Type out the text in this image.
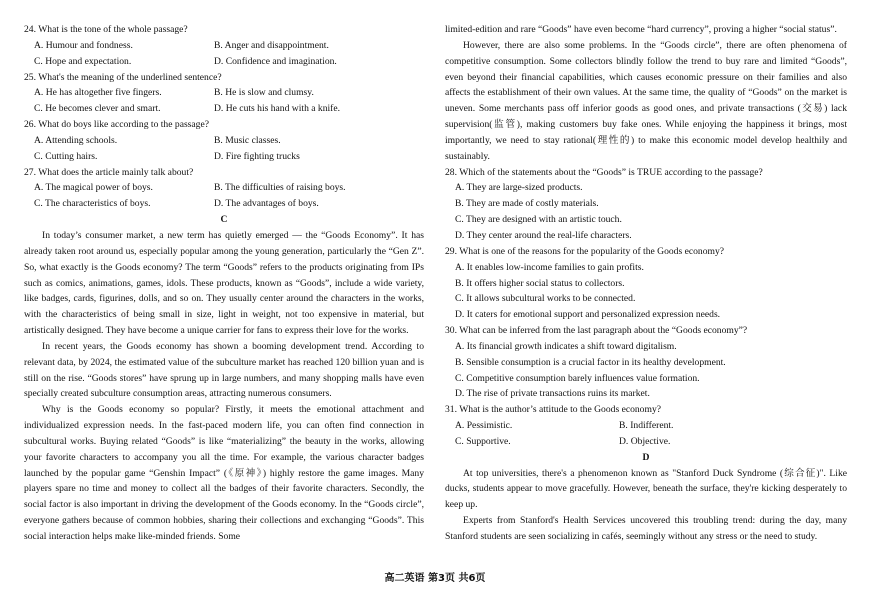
24. What is the tone of the whole passage?
A. Humour and fondness.	B. Anger and disappointment.
C. Hope and expectation.	D. Confidence and imagination.
25. What's the meaning of the underlined sentence?
A. He has altogether five fingers.	B. He is slow and clumsy.
C. He becomes clever and smart.	D. He cuts his hand with a knife.
26. What do boys like according to the passage?
A. Attending schools.	B. Music classes.
C. Cutting hairs.	D. Fire fighting trucks
27. What does the article mainly talk about?
A. The magical power of boys.	B. The difficulties of raising boys.
C. The characteristics of boys.	D. The advantages of boys.
C
In today’s consumer market, a new term has quietly emerged — the “Goods Economy”. It has already taken root around us, especially popular among the young generation, particularly the “Gen Z”. So, what exactly is the Goods economy? The term “Goods” refers to the products originating from IPs such as comics, animations, games, idols. These products, known as “Goods”, include a wide variety, like badges, cards, figurines, dolls, and so on. They usually center around the characters in the works, with the characteristics of being small in size, light in weight, not too expensive in material, but artistically designed. They have become a unique carrier for fans to express their love for the works.
In recent years, the Goods economy has shown a booming development trend. According to relevant data, by 2024, the estimated value of the subculture market has reached 120 billion yuan and is still on the rise. “Goods stores” have sprung up in large numbers, and many shopping malls have even specially created subculture consumption areas, attracting numerous consumers.
Why is the Goods economy so popular? Firstly, it meets the emotional attachment and individualized expression needs. In the fast-paced modern life, you can often find connection in subcultural works. Buying related “Goods” is like “materializing” the beauty in the works, allowing your favorite characters to accompany you all the time. For example, the various character badges launched by the popular game “Genshin Impact” (《原神》) highly restore the game images. Many players spare no time and money to collect all the badges of their favorite characters. Secondly, the social factor is also important in driving the development of the Goods economy. In the “Goods circle”, everyone gathers because of common hobbies, sharing their collections and exchanging “Goods”. This social interaction helps make like-minded friends. Some
limited-edition and rare “Goods” have even become “hard currency”, proving a higher “social status”.
However, there are also some problems. In the “Goods circle”, there are often phenomena of competitive consumption. Some collectors blindly follow the trend to buy rare and limited “Goods”, even beyond their financial capabilities, which causes economic pressure on their families and also affects the establishment of their own values. At the same time, the quality of “Goods” on the market is uneven. Some merchants pass off inferior goods as good ones, and private transactions (交易) lack supervision(监管), making customers buy fake ones. While enjoying the happiness it brings, most importantly, we need to stay rational(理性的) to make this economic model develop healthily and sustainably.
28. Which of the statements about the “Goods” is TRUE according to the passage?
A. They are large-sized products.
B. They are made of costly materials.
C. They are designed with an artistic touch.
D. They center around the real-life characters.
29. What is one of the reasons for the popularity of the Goods economy?
A. It enables low-income families to gain profits.
B. It offers higher social status to collectors.
C. It allows subcultural works to be connected.
D. It caters for emotional support and personalized expression needs.
30. What can be inferred from the last paragraph about the “Goods economy”?
A. Its financial growth indicates a shift toward digitalism.
B. Sensible consumption is a crucial factor in its healthy development.
C. Competitive consumption barely influences value formation.
D. The rise of private transactions ruins its market.
31. What is the author’s attitude to the Goods economy?
A. Pessimistic.	B. Indifferent.
C. Supportive.	D. Objective.
D
At top universities, there's a phenomenon known as "Stanford Duck Syndrome (综合征)". Like ducks, students appear to move gracefully. However, beneath the surface, they're kicking desperately to keep up.
Experts from Stanford's Health Services uncovered this troubling trend: during the day, many Stanford students are seen socializing in cafés, seemingly without any stress or the need to study.
高二英语 第3页 共6页
